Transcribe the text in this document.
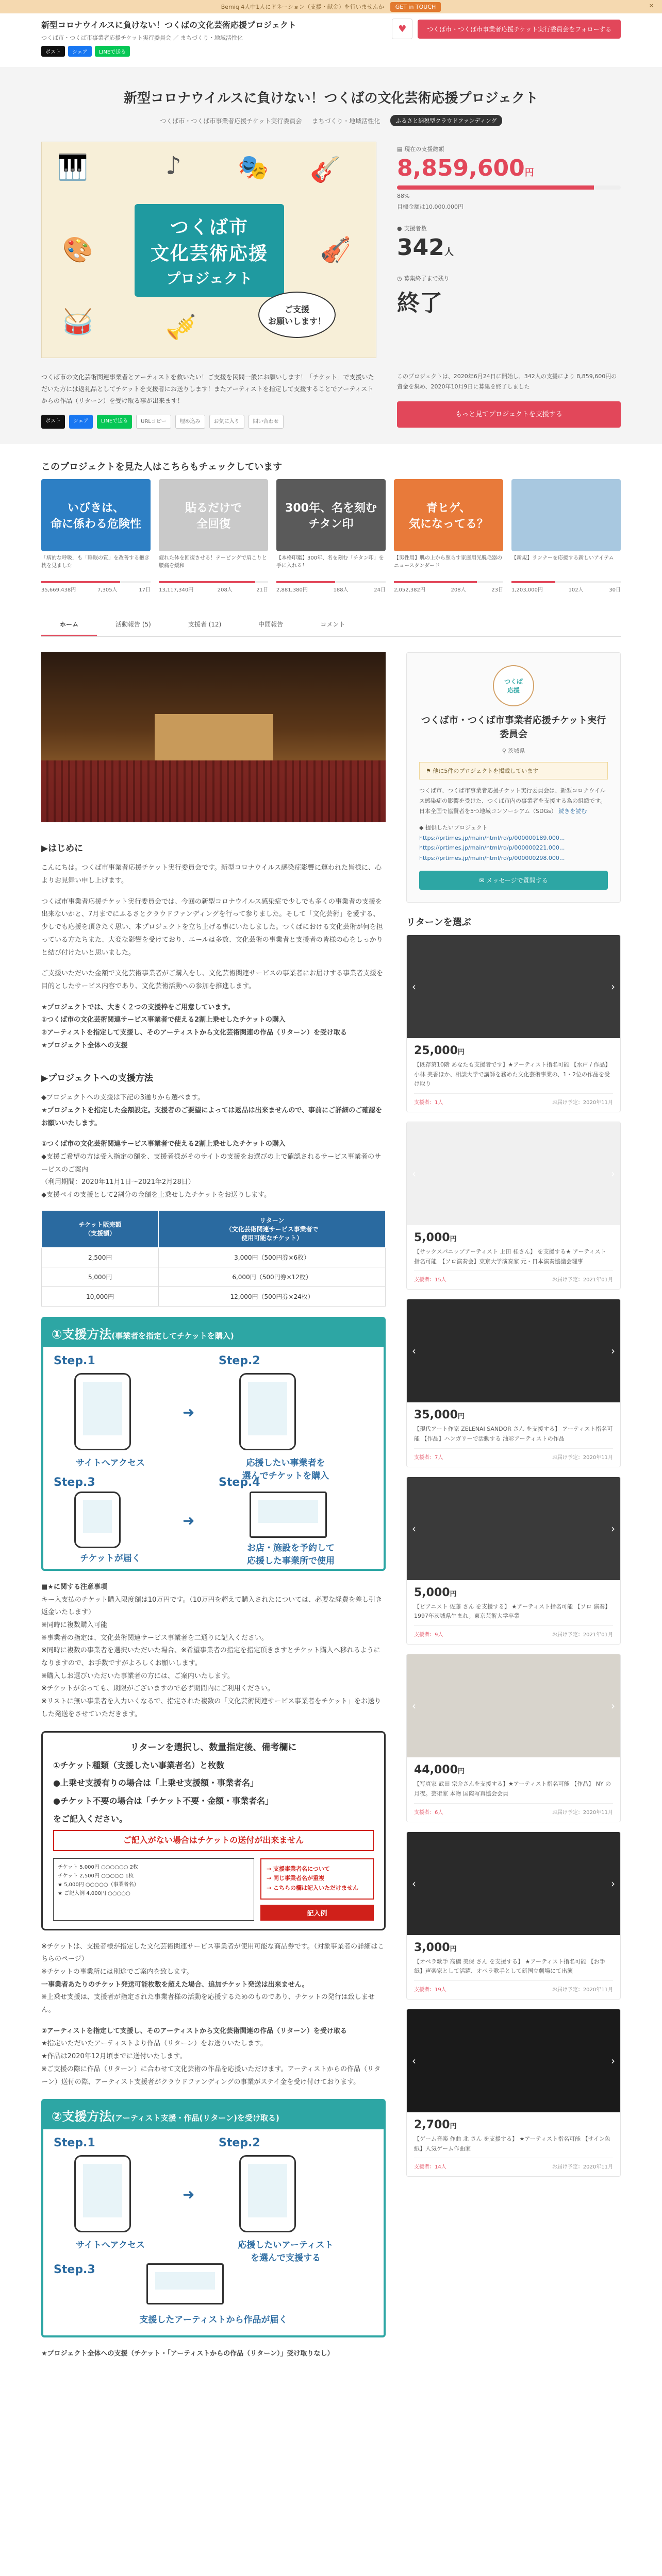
Bemiq 4人中1人にドネーション（支援・献金）を行いませんか	GET in TOUCH	×
新型コロナウイルスに負けない！つくばの文化芸術応援プロジェクト
つくば市・つくば市事業者応援チケット実行委員会 ／ まちづくり・地域活性化
ポスト	シェア	LINEで送る
♥	つくば市・つくば市事業者応援チケット実行委員会をフォローする
新型コロナウイルスに負けない！つくばの文化芸術応援プロジェクト
つくば市・つくば市事業者応援チケット実行委員会 まちづくり・地域活性化	ふるさと納税型クラウドファンディング
🎹	♪ 🎭 🎸
🎨	🎻
🥁	🎺
つくば市
文化芸術応援
プロジェクト
ご支援
お願いします！
▤ 現在の支援総額
8,859,600円
88%
目標金額は10,000,000円
● 支援者数
342人
◷ 募集終了まで残り
終了
つくば市の文化芸術関連事業者とアーティストを救いたい！ご支援を民間一般にお願いします！「チケット」で支援いただいた方には返礼品としてチケットを支援者にお送りします！またアーティストを指定して支援することでアーティストからの作品（リターン）を受け取る事が出来ます！
ポスト	シェア	LINEで送る	URLコピー	埋め込み	お気に入り	問い合わせ
このプロジェクトは、2020年6月24日に開始し、342人の支援により 8,859,600円の資金を集め、2020年10月9日に募集を終了しました
もっと見てプロジェクトを支援する
このプロジェクトを見た人はこちらもチェックしています
いびきは、
命に係わる危険性
「病的な呼吸」も「睡眠の質」を改善する抱き枕を見ました
35,669,438円	7,305人	17日
貼るだけで
全回復
疲れた体を回復させる！テーピングで肩こりと腰痛を緩和
13,117,340円	208人	21日
300年、名を刻む
チタン印
【本格印鑑】300年、名を刻む「チタン印」を手に入れる！
2,881,380円	188人	24日
青ヒゲ、
気になってる？
【男性用】肌の上から照らす家庭用光脱毛器のニュースタンダード
2,052,382円	208人	23日
【新規】ランナーを応援する新しいアイテム
1,203,000円	102人	30日
ホーム	活動報告 (5)	支援者 (12)	中間報告	コメント
▶はじめに
こんにちは。つくば市事業者応援チケット実行委員会です。新型コロナウイルス感染症影響に運われた皆様に、心よりお見舞い申し上げます。
つくば市事業者応援チケット実行委員会では、今回の新型コロナウイルス感染症で少しでも多くの事業者の支援を出来ないかと、7月までにふるさとクラウドファンディングを行って参りました。そして「文化芸術」を愛する、少しでも応援を頂きたく思い、本プロジェクトを立ち上げる事にいたしました。つくばにおける文化芸術が何を担っている方たちまた、大変な影響を受けており、エールは多数、文化芸術の事業者と支援者の皆様の心をしっかりと結び付けたいと思いました。
ご支援いただいた金額で文化芸術事業者がご購入をし、文化芸術関連サービスの事業者にお届けする事業者支援を目的としたサービス内容であり、文化芸術活動への参加を推進します。
★プロジェクトでは、大きく２つの支援枠をご用意しています。
①つくば市の文化芸術関連サービス事業者で使える2割上乗せしたチケットの購入
②アーティストを指定して支援し、そのアーティストから文化芸術関連の作品（リターン）を受け取る
★プロジェクト全体への支援
▶プロジェクトへの支援方法
◆プロジェクトへの支援は下記の3通りから選べます。
★プロジェクトを指定した金額設定。支援者のご要望によっては返品は出来ませんので、事前にご詳細のご確認をお願いいたします。
①つくば市の文化芸術関連サービス事業者で使える2割上乗せしたチケットの購入
◆支援ご希望の方は受入指定の額を、支援者様がそのサイトの支援をお選びの上で確認されるサービス事業者のサービスのご案内
（利用期間：2020年11月1日〜2021年2月28日）
◆支援ペイの支援として2割分の金額を上乗せしたチケットをお送りします。
チケット販売額
（支援額）	リターン
（文化芸術関連サービス事業者で
使用可能なチケット）
2,500円	3,000円（500円券×6枚）
5,000円	6,000円（500円券×12枚）
10,000円	12,000円（500円券×24枚）
①支援方法(事業者を指定してチケットを購入)
Step.1
サイトへアクセス
➜
Step.2
応援したい事業者を
選んでチケットを購入
Step.3
チケットが届く
➜
Step.4
お店・施設を予約して
応援した事業所で使用
■★に関する注意事項
キー入支払のチケット購入限度額は10万円です。（10万円を超えて購入されたについては、必要な経費を差し引き返金いたします）
※同時に複数購入可能
※事業者の指定は、文化芸術関連サービス事業者を二通りに記入ください。
※同時に複数の事業者を選択いただいた場合、※希望事業者の指定を指定頂きますとチケット購入へ移れるようになりますので、お手数ですがよろしくお願いします。
※購入しお選びいただいた事業者の方には、ご案内いたします。
※チケットが余っても、期限がございますので必ず期間内にご利用ください。
※リストに無い事業者を入力いくなるで、指定された複数の「文化芸術関連サービス事業者をチケット」をお送りした発送をさせていただきます。
リターンを選択し、数量指定後、備考欄に
①チケット種類（支援したい事業者名）と枚数
●上乗せ支援有りの場合は「上乗せ支援額・事業者名」
●チケット不要の場合は「チケット不要・金額・事業者名」
をご記入ください。
ご記入がない場合はチケットの送付が出来ません
チケット 5,000円 ○○○○○○ 2枚
チケット 2,500円 ○○○○○ 1枚
★ 5,000円 ○○○○○（事業者名）
★ ご記入例 4,000円 ○○○○○
→ 支援事業者名について
→ 同じ事業者名が重複
→ こちらの欄は記入いただけません
記入例
※チケットは、支援者様が指定した文化芸術関連サービス事業者が使用可能な商品券です。（対象事業者の詳細はこちらのページ）
※チケットの事業所には別途でご案内を致します。
一事業者あたりのチケット発送可能枚数を超えた場合、追加チケット発送は出来ません。
※上乗せ支援は、支援者が指定された事業者様の活動を応援するためのものであり、チケットの発行は致しません。
②アーティストを指定して支援し、そのアーティストから文化芸術関連の作品（リターン）を受け取る
★指定いただいたアーティストより作品（リターン）をお送りいたします。
★作品は2020年12月頃までに送付いたします。
※ご支援の際に作品（リターン）に合わせて文化芸術の作品を応援いただけます。アーティストからの作品（リターン）送付の際、アーティスト支援者がクラウドファンディングの事業がステイ金を受け付けております。
②支援方法(アーティスト支援・作品(リターン)を受け取る)
Step.1
サイトへアクセス
➜
Step.2
応援したいアーティスト
を選んで支援する
Step.3
支援したアーティストから作品が届く
★プロジェクト全体への支援（チケット・「アーティストからの作品（リターン）」受け取りなし）
つくば
応援
つくば市・つくば市事業者応援チケット実行委員会
⚲ 茨城県
⚑ 他に5件のプロジェクトを掲載しています
つくば市、つくば市事業者応援チケット実行委員会は、新型コロナウイルス感染症の影響を受けた、つくば市内の事業者を支援する為の組織です。日本全国で協賛者を5つ地域コンソーシアム（SDGs） 続きを読む
◆ 提供したいプロジェクト
https://prtimes.jp/main/html/rd/p/000000189.000...
https://prtimes.jp/main/html/rd/p/000000221.000...
https://prtimes.jp/main/html/rd/p/000000298.000...
✉ メッセージで質問する
リターンを選ぶ
‹	›
25,000円
【既存第10階 あなたも支援者です】★アーティスト指名可能 【水戸 / 作品】小林 美香ほか、相談大学で講師を務めた文化芸術事業の、1・2位の作品を受け取り
支援者：1人	お届け予定：2020年11月
‹	›
5,000円
【サックスパニップアーティスト 上田 桂さん】 を支援する★ アーティスト 指名可能　【ソロ演奏会】東京大学演奏家 元・日本演奏協議会理事
支援者：15人	お届け予定：2021年01月
‹	›
35,000円
【現代アート作家 ZELENAI SANDOR さん を支援する】 アーティスト指名可能 【作品】ハンガリーで活動する 油彩アーティストの作品
支援者：7人	お届け予定：2020年11月
‹	›
5,000円
【ピアニスト 佐藤 さん を支援する】 ★アーティスト指名可能 【ソロ 演奏】 1997年茨城県生まれ。東京芸術大学卒業
支援者：9人	お届け予定：2021年01月
‹	›
44,000円
【写真家 武田 宗介さんを支援する】★アーティスト指名可能 【作品】 NY の月夜。芸術家 本物 国際写真協会会員
支援者：6人	お届け予定：2020年11月
‹	›
3,000円
【オペラ歌手 高橋 美保 さん を支援する】 ★アーティスト指名可能 【お手紙】声楽家として活躍、オペラ歌手として新国立劇場にて出演
支援者：19人	お届け予定：2020年11月
‹	›
2,700円
【ゲーム音楽 作曲 北 さん を支援する】 ★アーティスト指名可能 【サイン色紙】人気ゲーム作曲家
支援者：14人	お届け予定：2020年11月
